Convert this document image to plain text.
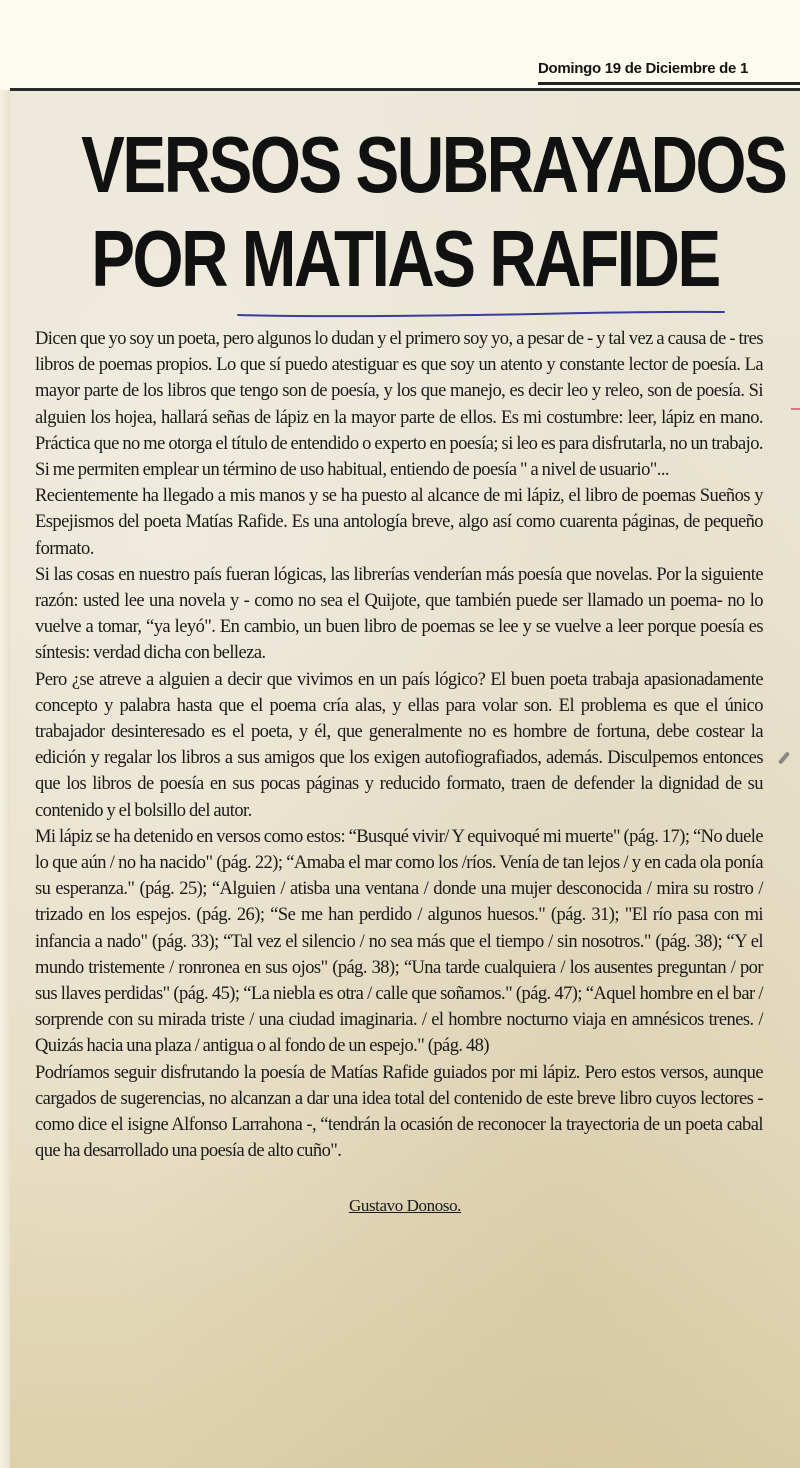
Domingo 19 de Diciembre de 1
VERSOS SUBRAYADOS
POR MATIAS RAFIDE

Dicen que yo soy un poeta, pero algunos lo dudan y el primero soy yo, a pesar de - y tal vez a causa de - tres libros de poemas propios. Lo que sí puedo atestiguar es que soy un atento y constante lector de poesía. La mayor parte de los libros que tengo son de poesía, y los que manejo, es decir leo y releo, son de poesía. Si alguien los hojea, hallará señas de lápiz en la mayor parte de ellos. Es mi costumbre: leer, lápiz en mano. Práctica que no me otorga el título de entendido o experto en poesía; si leo es para disfrutarla, no un trabajo. Si me permiten emplear un término de uso habitual, entiendo de poesía " a nivel de usuario"...

Recientemente ha llegado a mis manos y se ha puesto al alcance de mi lápiz, el libro de poemas Sueños y Espejismos del poeta Matías Rafide. Es una antología breve, algo así como cuarenta páginas, de pequeño formato.

Si las cosas en nuestro país fueran lógicas, las librerías venderían más poesía que novelas. Por la siguiente razón: usted lee una novela y - como no sea el Quijote, que también puede ser llamado un poema- no lo vuelve a tomar, “ya leyó". En cambio, un buen libro de poemas se lee y se vuelve a leer porque poesía es síntesis: verdad dicha con belleza.

Pero ¿se atreve a alguien a decir que vivimos en un país lógico? El buen poeta trabaja apasionadamente concepto y palabra hasta que el poema cría alas, y ellas para volar son. El problema es que el único trabajador desinteresado es el poeta, y él, que generalmente no es hombre de fortuna, debe costear la edición y regalar los libros a sus amigos que los exigen autofiografiados, además. Disculpemos entonces que los libros de poesía en sus pocas páginas y reducido formato, traen de defender la dignidad de su contenido y el bolsillo del autor.

Mi lápiz se ha detenido en versos como estos: “Busqué vivir/ Y equivoqué mi muerte" (pág. 17); “No duele lo que aún / no ha nacido" (pág. 22); “Amaba el mar como los /ríos. Venía de tan lejos / y en cada ola ponía su esperanza." (pág. 25); “Alguien / atisba una ventana / donde una mujer desconocida / mira su rostro / trizado en los espejos. (pág. 26); “Se me han perdido / algunos huesos." (pág. 31); "El río pasa con mi infancia a nado" (pág. 33); “Tal vez el silencio / no sea más que el tiempo / sin nosotros." (pág. 38); “Y el mundo tristemente / ronronea en sus ojos" (pág. 38); “Una tarde cualquiera / los ausentes preguntan / por sus llaves perdidas" (pág. 45); “La niebla es otra / calle que soñamos." (pág. 47); “Aquel hombre en el bar / sorprende con su mirada triste / una ciudad imaginaria. / el hombre nocturno viaja en amnésicos trenes. / Quizás hacia una plaza / antigua o al fondo de un espejo." (pág. 48)

Podríamos seguir disfrutando la poesía de Matías Rafide guiados por mi lápiz. Pero estos versos, aunque cargados de sugerencias, no alcanzan a dar una idea total del contenido de este breve libro cuyos lectores - como dice el isigne Alfonso Larrahona -, “tendrán la ocasión de reconocer la trayectoria de un poeta cabal que ha desarrollado una poesía de alto cuño".

Gustavo Donoso.
